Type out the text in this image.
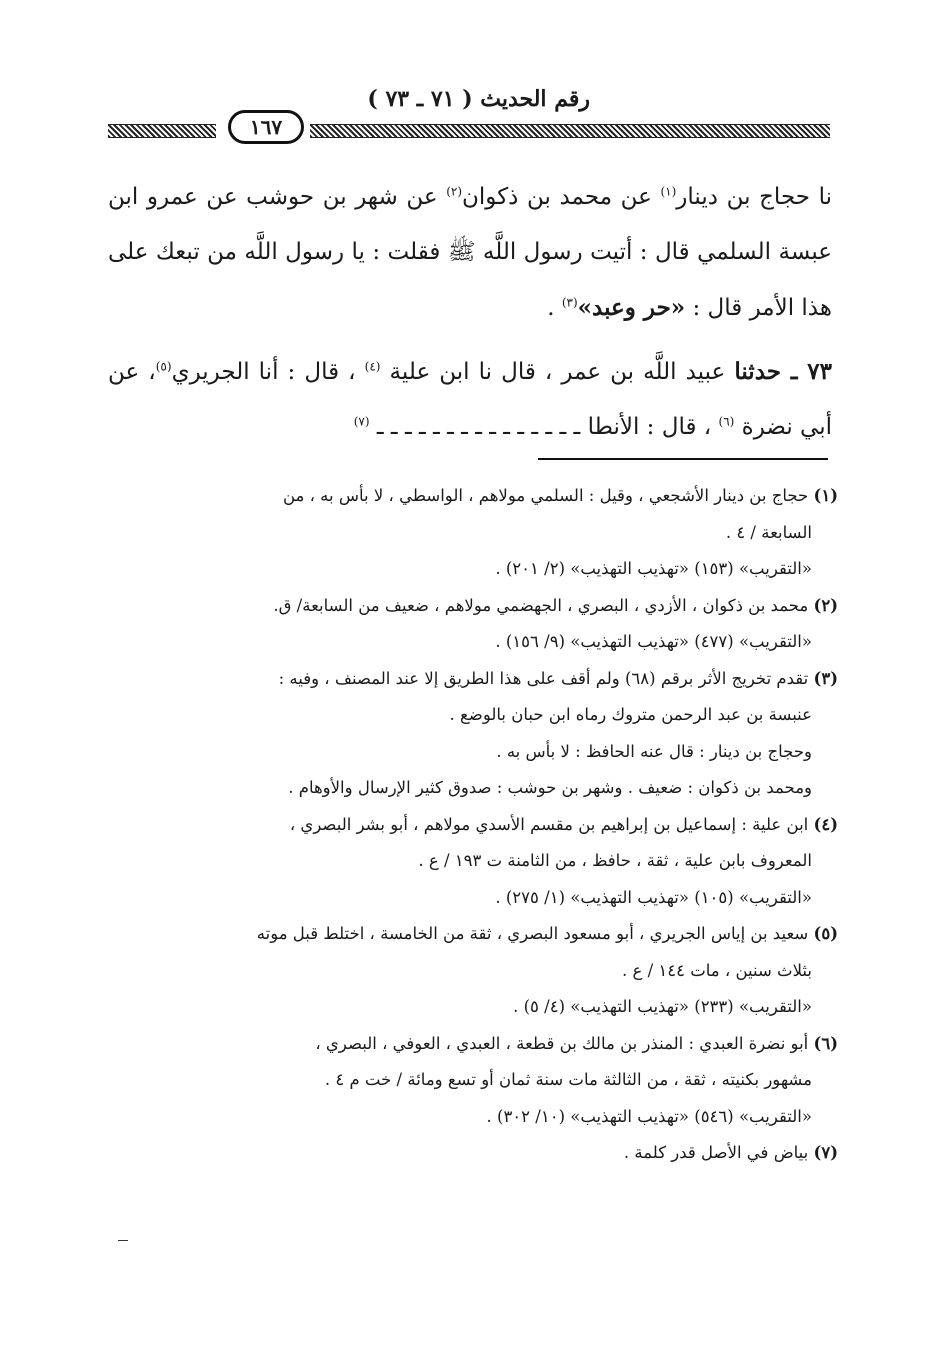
رقم الحديث ( ٧١ ـ ٧٣ )
١٦٧

نا حجاج بن دينار$^{(١)}$ عن محمد بن ذكوان$^{(٢)}$ عن شهر بن حوشب عن عمرو ابن عبسة السلمي قال : أتيت رسول اللَّه ﷺ فقلت : يا رسول اللَّه من تبعك على هذا الأمر قال : «حر وعبد»$^{(٣)}$ .

٧٣ ـ حدثنا عبيد اللَّه بن عمر ، قال نا ابن علية $^{(٤)}$ ، قال : أنا الجريري$^{(٥)}$، عن أبي نضرة $^{(٦)}$ ، قال : الأنطا ـ ـ ـ ـ ـ ـ ـ ـ ـ ـ ـ ـ ـ ـ ـ $^{(٧)}$

(١) حجاج بن دينار الأشجعي ، وقيل : السلمي مولاهم ، الواسطي ، لا بأس به ، من
السابعة / ٤ .
«التقريب» (١٥٣) «تهذيب التهذيب» (٢/ ٢٠١) .
(٢) محمد بن ذكوان ، الأزدي ، البصري ، الجهضمي مولاهم ، ضعيف من السابعة/ ق.
«التقريب» (٤٧٧) «تهذيب التهذيب» (٩/ ١٥٦) .
(٣) تقدم تخريج الأثر برقم (٦٨) ولم أقف على هذا الطريق إلا عند المصنف ، وفيه :
عنبسة بن عبد الرحمن متروك رماه ابن حبان بالوضع .
وحجاج بن دينار : قال عنه الحافظ : لا بأس به .
ومحمد بن ذكوان : ضعيف . وشهر بن حوشب : صدوق كثير الإرسال والأوهام .
(٤) ابن علية : إسماعيل بن إبراهيم بن مقسم الأسدي مولاهم ، أبو بشر البصري ،
المعروف بابن علية ، ثقة ، حافظ ، من الثامنة ت ١٩٣ / ع .
«التقريب» (١٠٥) «تهذيب التهذيب» (١/ ٢٧٥) .
(٥) سعيد بن إياس الجريري ، أبو مسعود البصري ، ثقة من الخامسة ، اختلط قبل موته
بثلاث سنين ، مات ١٤٤ / ع .
«التقريب» (٢٣٣) «تهذيب التهذيب» (٤/ ٥) .
(٦) أبو نضرة العبدي : المنذر بن مالك بن قطعة ، العبدي ، العوفي ، البصري ،
مشهور بكنيته ، ثقة ، من الثالثة مات سنة ثمان أو تسع ومائة / خت م ٤ .
«التقريب» (٥٤٦) «تهذيب التهذيب» (١٠/ ٣٠٢) .
(٧) بياض في الأصل قدر كلمة .
